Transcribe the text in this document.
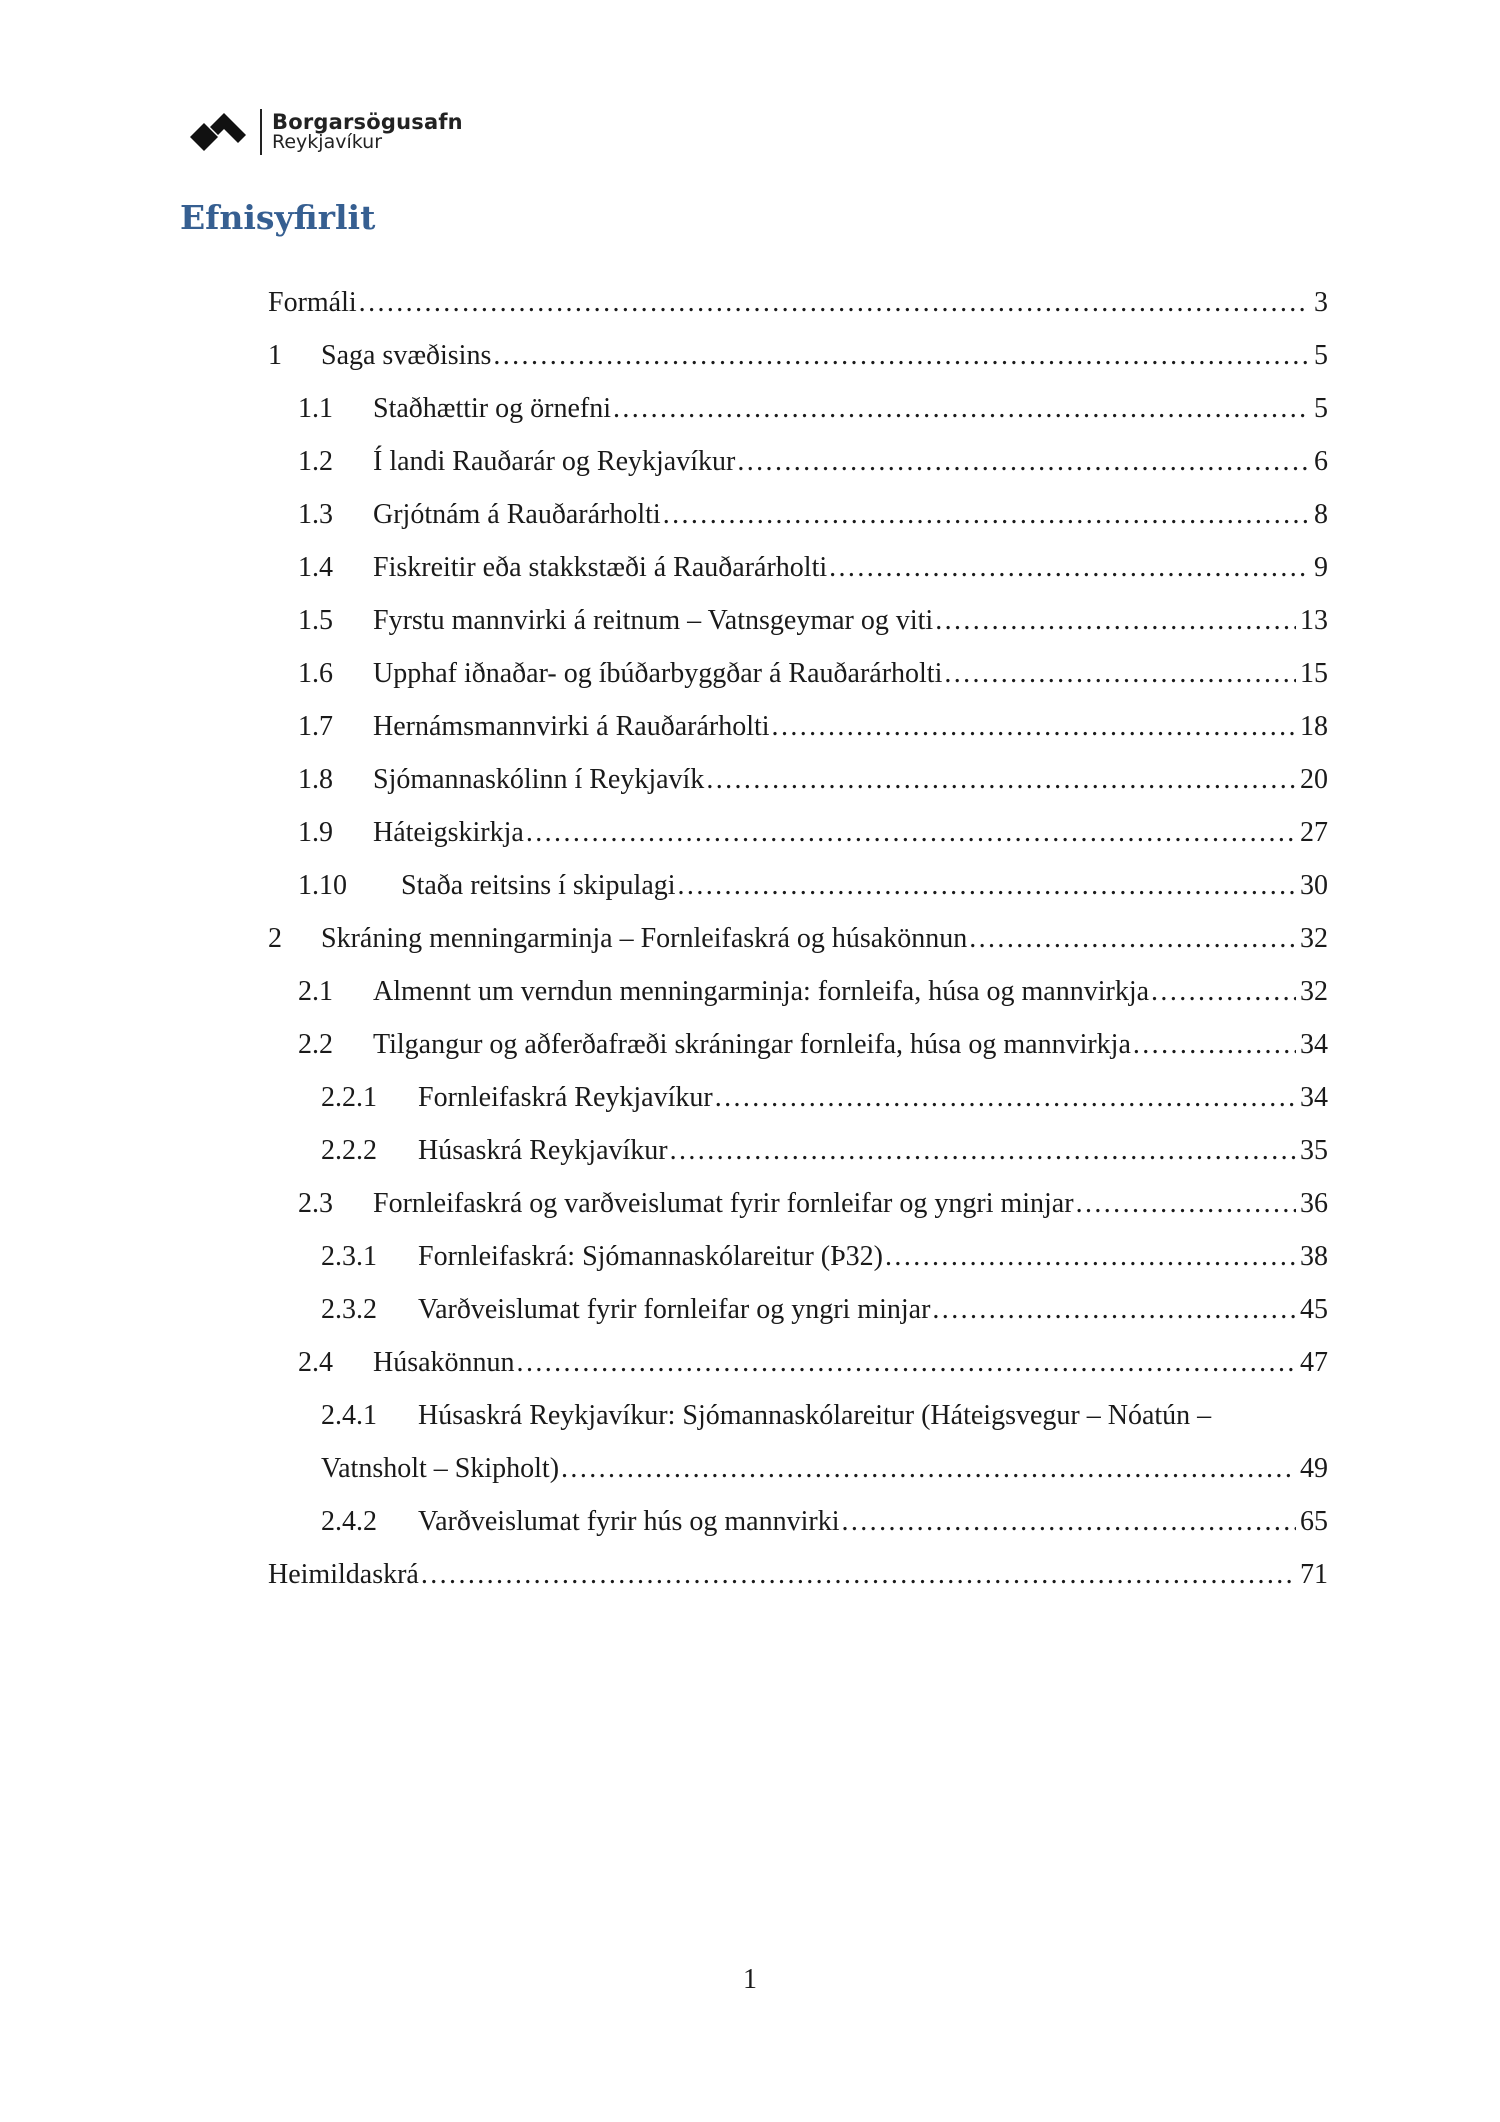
Borgarsögusafn
Reykjavíkur
Efnisyfirlit
Formáli . . .	3
1	Saga svæðisins . . .	5
1.1	Staðhættir og örnefni . . .	5
1.2	Í landi Rauðarár og Reykjavíkur . . .	6
1.3	Grjótnám á Rauðarárholti . . .	8
1.4	Fiskreitir eða stakkstæði á Rauðarárholti . . .	9
1.5	Fyrstu mannvirki á reitnum – Vatnsgeymar og viti . . .	13
1.6	Upphaf iðnaðar- og íbúðarbyggðar á Rauðarárholti . . .	15
1.7	Hernámsmannvirki á Rauðarárholti . . .	18
1.8	Sjómannaskólinn í Reykjavík . . .	20
1.9	Háteigskirkja . . .	27
1.10	Staða reitsins í skipulagi . . .	30
2	Skráning menningarminja – Fornleifaskrá og húsakönnun . . .	32
2.1	Almennt um verndun menningarminja: fornleifa, húsa og mannvirkja . . .	32
2.2	Tilgangur og aðferðafræði skráningar fornleifa, húsa og mannvirkja . . .	34
2.2.1	Fornleifaskrá Reykjavíkur . . .	34
2.2.2	Húsaskrá Reykjavíkur . . .	35
2.3	Fornleifaskrá og varðveislumat fyrir fornleifar og yngri minjar . . .	36
2.3.1	Fornleifaskrá: Sjómannaskólareitur (Þ32) . . .	38
2.3.2	Varðveislumat fyrir fornleifar og yngri minjar . . .	45
2.4	Húsakönnun . . .	47
2.4.1	Húsaskrá Reykjavíkur: Sjómannaskólareitur (Háteigsvegur – Nóatún –
Vatnsholt – Skipholt) . . .	49
2.4.2	Varðveislumat fyrir hús og mannvirki . . .	65
Heimildaskrá . . .	71
1
